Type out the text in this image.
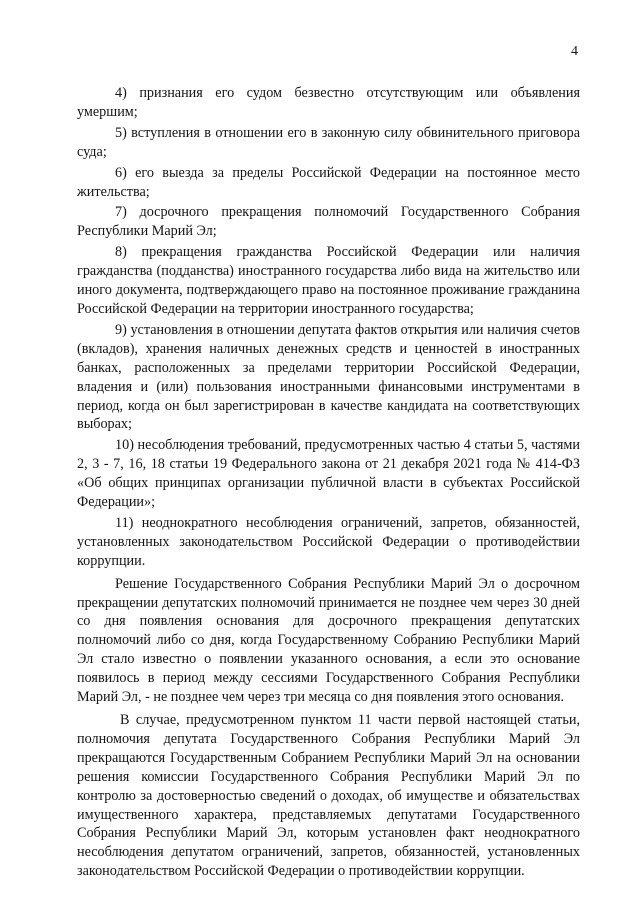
4

4) признания его судом безвестно отсутствующим или объявления умершим;

5) вступления в отношении его в законную силу обвинительного приговора суда;

6) его выезда за пределы Российской Федерации на постоянное место жительства;

7) досрочного прекращения полномочий Государственного Собрания Республики Марий Эл;

8) прекращения гражданства Российской Федерации или наличия гражданства (подданства) иностранного государства либо вида на жительство или иного документа, подтверждающего право на постоянное проживание гражданина Российской Федерации на территории иностранного государства;

9) установления в отношении депутата фактов открытия или наличия счетов (вкладов), хранения наличных денежных средств и ценностей в иностранных банках, расположенных за пределами территории Российской Федерации, владения и (или) пользования иностранными финансовыми инструментами в период, когда он был зарегистрирован в качестве кандидата на соответствующих выборах;

10) несоблюдения требований, предусмотренных частью 4 статьи 5, частями 2, 3 - 7, 16, 18 статьи 19 Федерального закона от 21 декабря 2021 года № 414-ФЗ «Об общих принципах организации публичной власти в субъектах Российской Федерации»;

11) неоднократного несоблюдения ограничений, запретов, обязанностей, установленных законодательством Российской Федерации о противодействии коррупции.

Решение Государственного Собрания Республики Марий Эл о досрочном прекращении депутатских полномочий принимается не позднее чем через 30 дней со дня появления основания для досрочного прекращения депутатских полномочий либо со дня, когда Государственному Собранию Республики Марий Эл стало известно о появлении указанного основания, а если это основание появилось в период между сессиями Государственного Собрания Республики Марий Эл, - не позднее чем через три месяца со дня появления этого основания.

В случае, предусмотренном пунктом 11 части первой настоящей статьи, полномочия депутата Государственного Собрания Республики Марий Эл прекращаются Государственным Собранием Республики Марий Эл на основании решения комиссии Государственного Собрания Республики Марий Эл по контролю за достоверностью сведений о доходах, об имуществе и обязательствах имущественного характера, представляемых депутатами Государственного Собрания Республики Марий Эл, которым установлен факт неоднократного несоблюдения депутатом ограничений, запретов, обязанностей, установленных законодательством Российской Федерации о противодействии коррупции.
